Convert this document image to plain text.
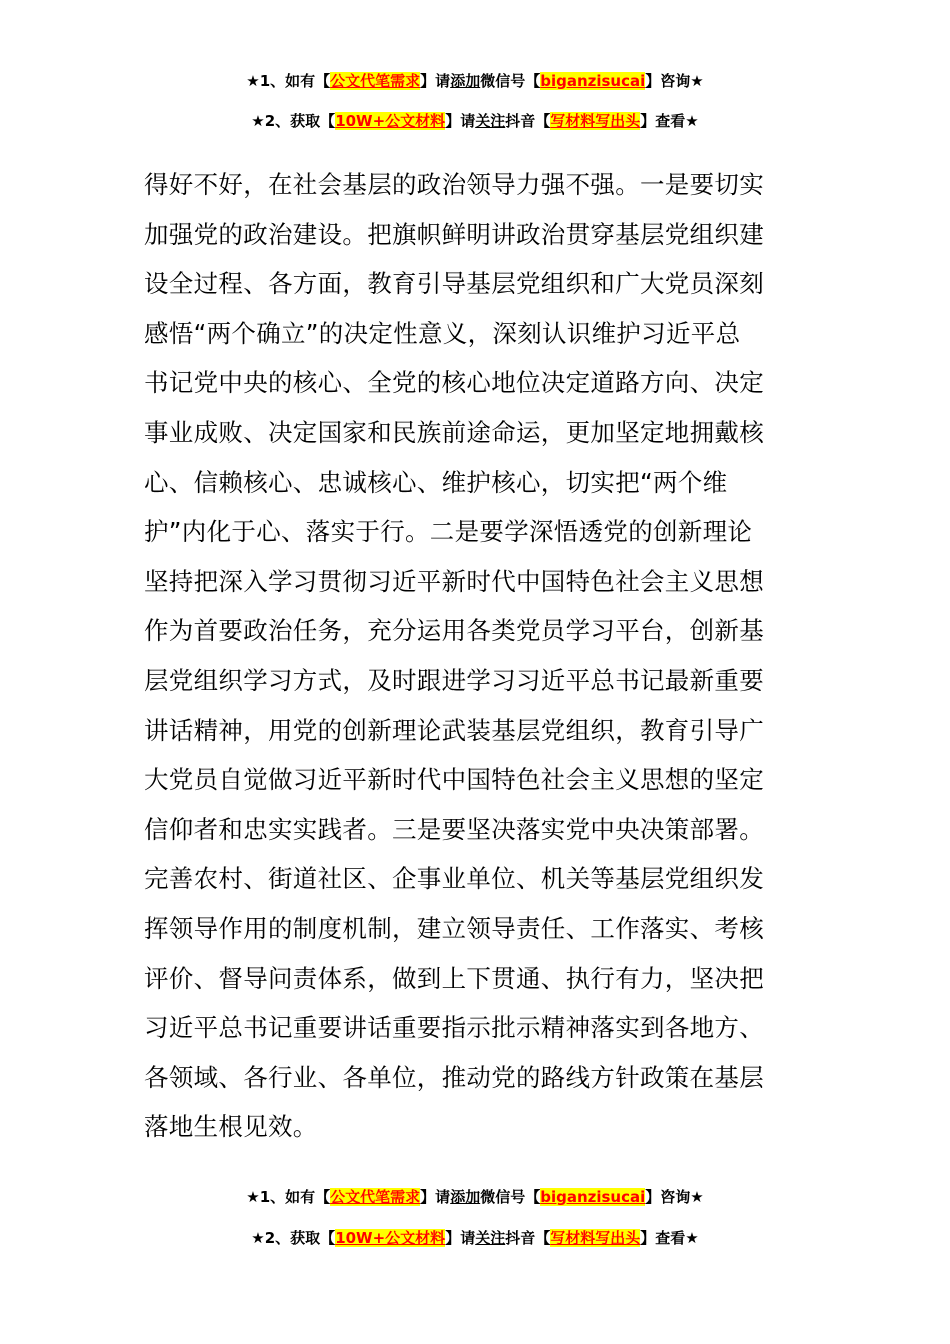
★1、如有【公文代笔需求】请添加微信号【biganzisucai】咨询★
★2、获取【10W+公文材料】请关注抖音【写材料写出头】查看★
得好不好，在社会基层的政治领导力强不强。一是要切实
加强党的政治建设。把旗帜鲜明讲政治贯穿基层党组织建
设全过程、各方面，教育引导基层党组织和广大党员深刻
感悟“两个确立”的决定性意义，深刻认识维护习近平总
书记党中央的核心、全党的核心地位决定道路方向、决定
事业成败、决定国家和民族前途命运，更加坚定地拥戴核
心、信赖核心、忠诚核心、维护核心，切实把“两个维
护”内化于心、落实于行。二是要学深悟透党的创新理论
坚持把深入学习贯彻习近平新时代中国特色社会主义思想
作为首要政治任务，充分运用各类党员学习平台，创新基
层党组织学习方式，及时跟进学习习近平总书记最新重要
讲话精神，用党的创新理论武装基层党组织，教育引导广
大党员自觉做习近平新时代中国特色社会主义思想的坚定
信仰者和忠实实践者。三是要坚决落实党中央决策部署。
完善农村、街道社区、企事业单位、机关等基层党组织发
挥领导作用的制度机制，建立领导责任、工作落实、考核
评价、督导问责体系，做到上下贯通、执行有力，坚决把
习近平总书记重要讲话重要指示批示精神落实到各地方、
各领域、各行业、各单位，推动党的路线方针政策在基层
落地生根见效。
★1、如有【公文代笔需求】请添加微信号【biganzisucai】咨询★
★2、获取【10W+公文材料】请关注抖音【写材料写出头】查看★
